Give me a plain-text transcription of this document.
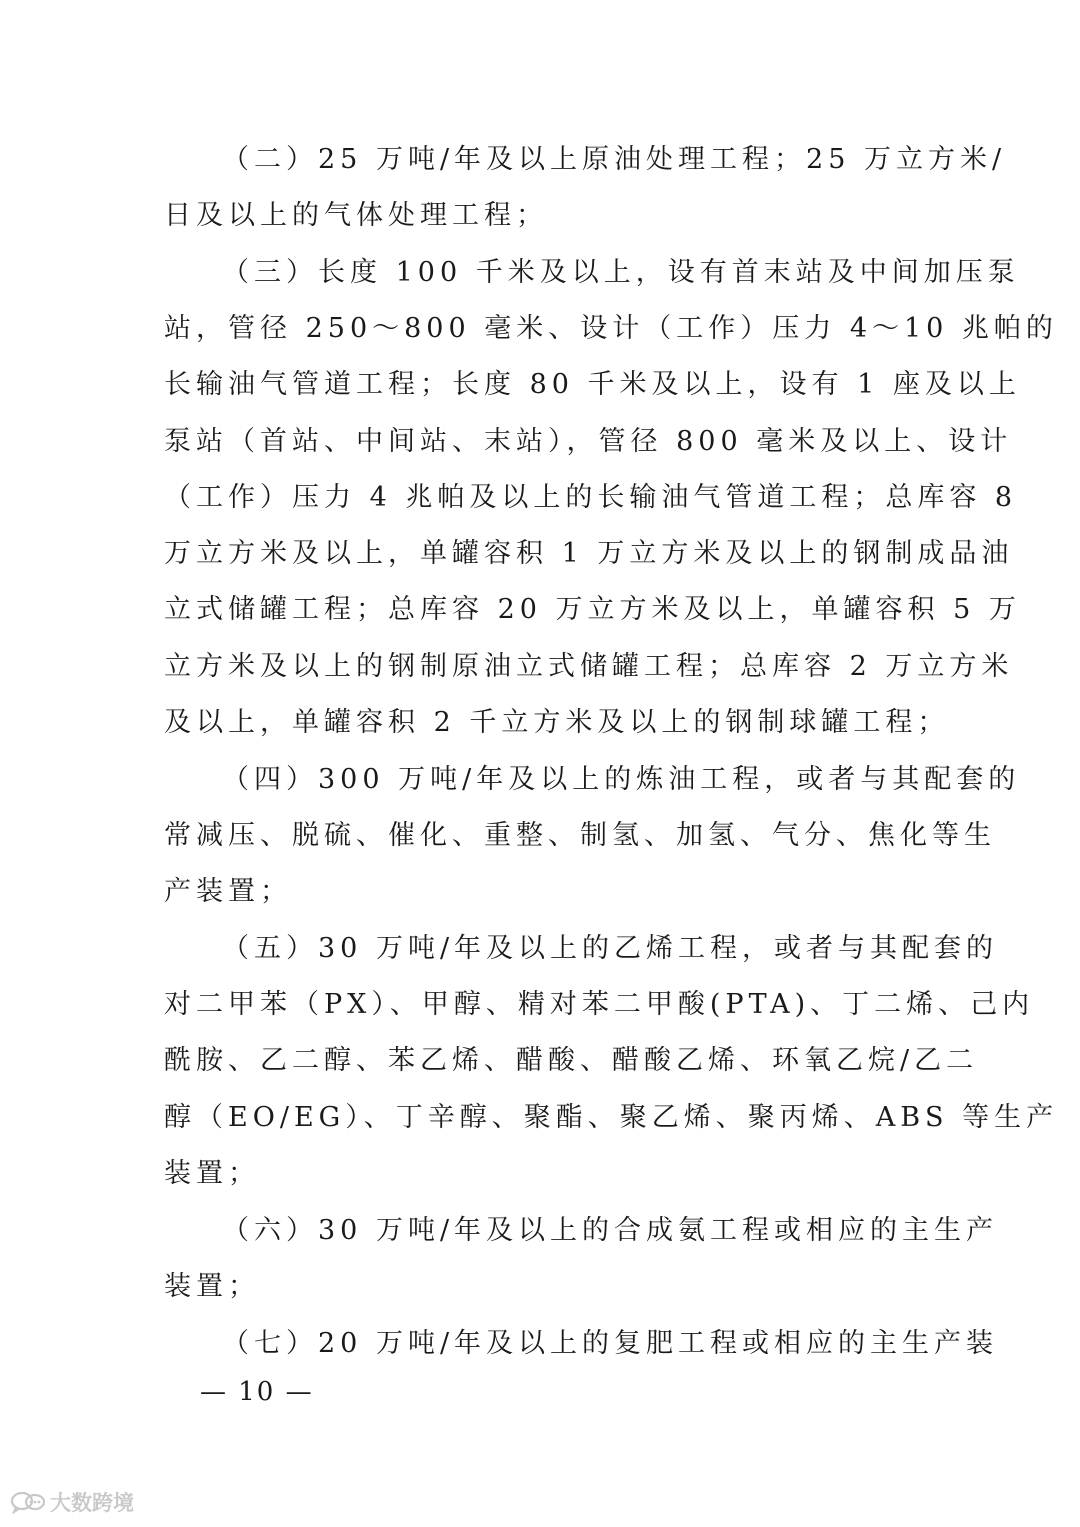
（二）25 万吨/年及以上原油处理工程；25 万立方米/
日及以上的气体处理工程；
（三）长度 100 千米及以上，设有首末站及中间加压泵
站，管径 250～800 毫米、设计（工作）压力 4～10 兆帕的
长输油气管道工程；长度 80 千米及以上，设有 1 座及以上
泵站（首站、中间站、末站），管径 800 毫米及以上、设计
（工作）压力 4 兆帕及以上的长输油气管道工程；总库容 8
万立方米及以上，单罐容积 1 万立方米及以上的钢制成品油
立式储罐工程；总库容 20 万立方米及以上，单罐容积 5 万
立方米及以上的钢制原油立式储罐工程；总库容 2 万立方米
及以上，单罐容积 2 千立方米及以上的钢制球罐工程；
（四）300 万吨/年及以上的炼油工程，或者与其配套的
常减压、脱硫、催化、重整、制氢、加氢、气分、焦化等生
产装置；
（五）30 万吨/年及以上的乙烯工程，或者与其配套的
对二甲苯（PX）、甲醇、精对苯二甲酸(PTA)、丁二烯、己内
酰胺、乙二醇、苯乙烯、醋酸、醋酸乙烯、环氧乙烷/乙二
醇（EO/EG）、丁辛醇、聚酯、聚乙烯、聚丙烯、ABS 等生产
装置；
（六）30 万吨/年及以上的合成氨工程或相应的主生产
装置；
（七）20 万吨/年及以上的复肥工程或相应的主生产装
— 10 —
大数跨境
